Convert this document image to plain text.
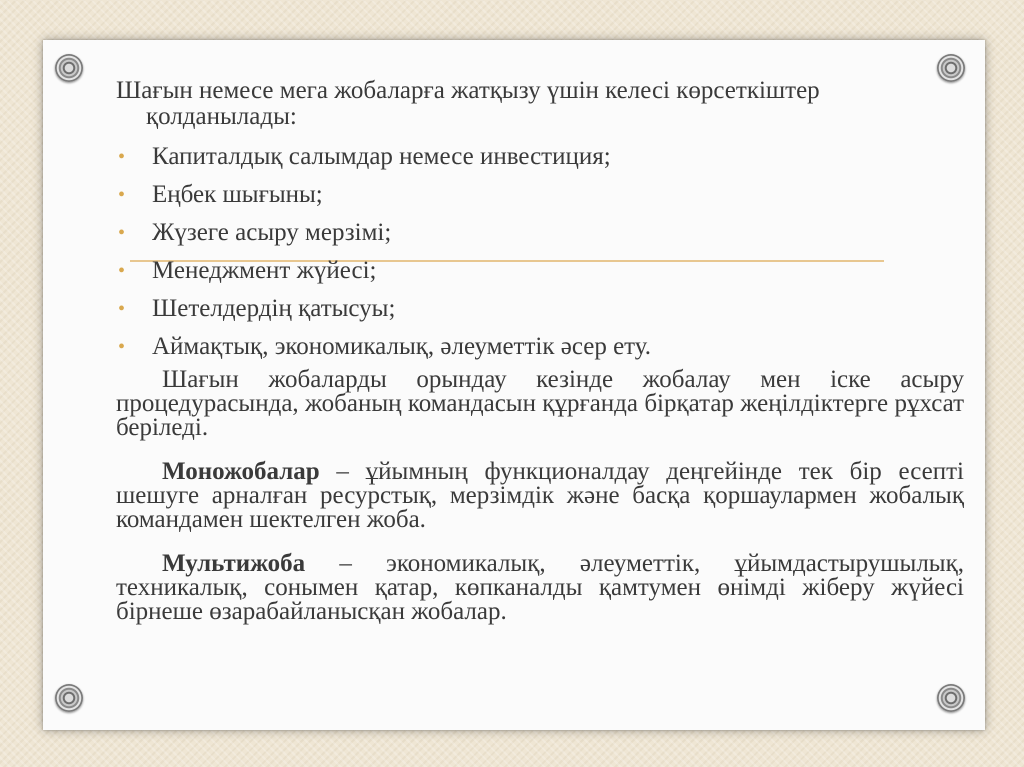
Шағын немесе мега жобаларға жатқызу үшін келесі көрсеткіштер қолданылады:

• Капиталдық салымдар немесе инвестиция;
• Еңбек шығыны;
• Жүзеге асыру мерзімі;
• Менеджмент жүйесі;
• Шетелдердің қатысуы;
• Аймақтық, экономикалық, әлеуметтік әсер ету.

Шағын жобаларды орындау кезінде жобалау мен іске асыру процедурасында, жобаның командасын құрғанда бірқатар жеңілдіктерге рұхсат беріледі.

Моножобалар – ұйымның функционалдау деңгейінде тек бір есепті шешуге арналған ресурстық, мерзімдік және басқа қоршаулармен жобалық командамен шектелген жоба.

Мультижоба – экономикалық, әлеуметтік, ұйымдастырушылық, техникалық, сонымен қатар, көпканалды қамтумен өнімді жіберу жүйесі бірнеше өзарабайланысқан жобалар.
